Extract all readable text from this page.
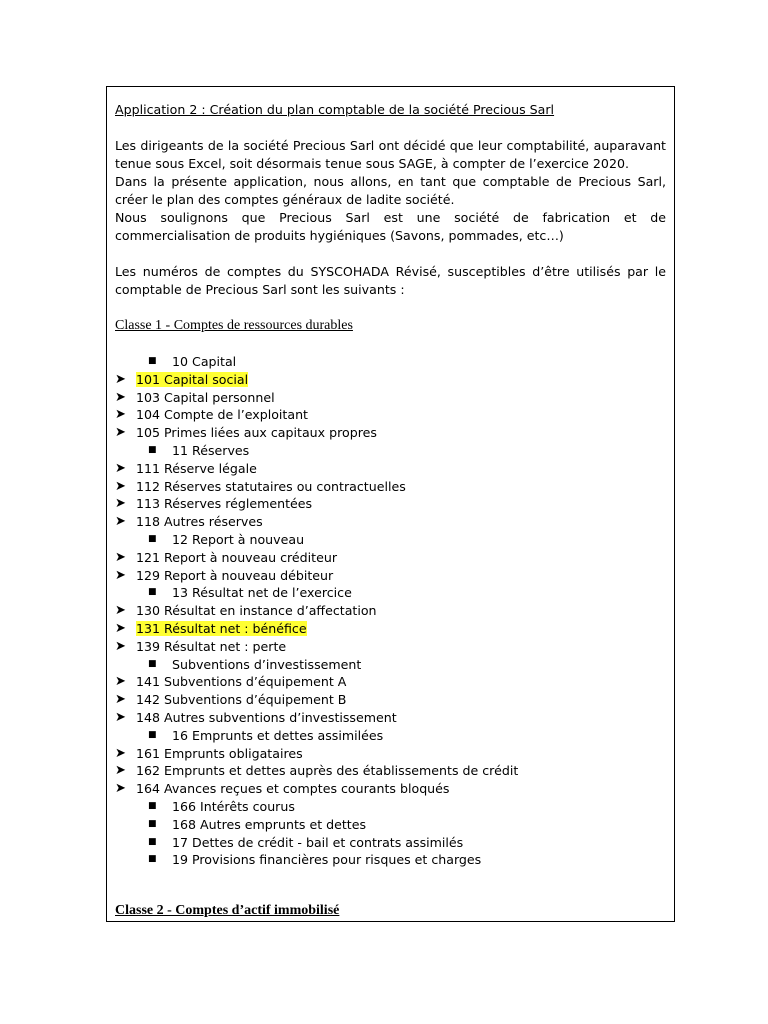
Application 2 : Création du plan comptable de la société Precious Sarl

Les dirigeants de la société Precious Sarl ont décidé que leur comptabilité, auparavant tenue sous Excel, soit désormais tenue sous SAGE, à compter de l’exercice 2020.

Dans la présente application, nous allons, en tant que comptable de Precious Sarl, créer le plan des comptes généraux de ladite société.

Nous soulignons que Precious Sarl est une société de fabrication et de commercialisation de produits hygiéniques (Savons, pommades, etc…)

Les numéros de comptes du SYSCOHADA Révisé, susceptibles d’être utilisés par le comptable de Precious Sarl sont les suivants :

Classe 1 - Comptes de ressources durables

■ 10 Capital
➤ 101 Capital social
➤ 103 Capital personnel
➤ 104 Compte de l’exploitant
➤ 105 Primes liées aux capitaux propres
■ 11 Réserves
➤ 111 Réserve légale
➤ 112 Réserves statutaires ou contractuelles
➤ 113 Réserves réglementées
➤ 118 Autres réserves
■ 12 Report à nouveau
➤ 121 Report à nouveau créditeur
➤ 129 Report à nouveau débiteur
■ 13 Résultat net de l’exercice
➤ 130 Résultat en instance d’affectation
➤ 131 Résultat net : bénéfice
➤ 139 Résultat net : perte
■ Subventions d’investissement
➤ 141 Subventions d’équipement A
➤ 142 Subventions d’équipement B
➤ 148 Autres subventions d’investissement
■ 16 Emprunts et dettes assimilées
➤ 161 Emprunts obligataires
➤ 162 Emprunts et dettes auprès des établissements de crédit
➤ 164 Avances reçues et comptes courants bloqués
■ 166 Intérêts courus
■ 168 Autres emprunts et dettes
■ 17 Dettes de crédit - bail et contrats assimilés
■ 19 Provisions financières pour risques et charges

Classe 2 - Comptes d’actif immobilisé
